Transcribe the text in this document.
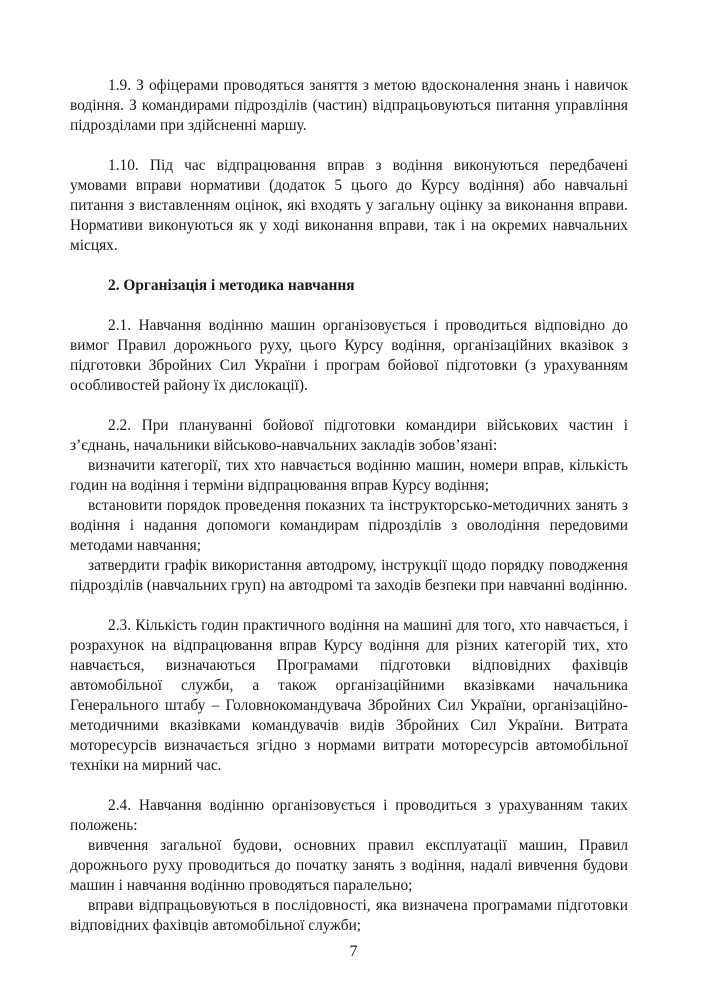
1.9. З офіцерами проводяться заняття з метою вдосконалення знань і навичок водіння. З командирами підрозділів (частин) відпрацьовуються питання управління підрозділами при здійсненні маршу.

1.10. Під час відпрацювання вправ з водіння виконуються передбачені умовами вправи нормативи (додаток 5 цього до Курсу водіння) або навчальні питання з виставленням оцінок, які входять у загальну оцінку за виконання вправи. Нормативи виконуються як у ході виконання вправи, так і на окремих навчальних місцях.

2. Організація і методика навчання

2.1. Навчання водінню машин організовується і проводиться відповідно до вимог Правил дорожнього руху, цього Курсу водіння, організаційних вказівок з підготовки Збройних Сил України і програм бойової підготовки (з урахуванням особливостей району їх дислокації).

2.2. При плануванні бойової підготовки командири військових частин і з’єднань, начальники військово-навчальних закладів зобов’язані:

визначити категорії, тих хто навчається водінню машин, номери вправ, кількість годин на водіння і терміни відпрацювання вправ Курсу водіння;

встановити порядок проведення показних та інструкторсько-методичних занять з водіння і надання допомоги командирам підрозділів з оволодіння передовими методами навчання;

затвердити графік використання автодрому, інструкції щодо порядку поводження підрозділів (навчальних груп) на автодромі та заходів безпеки при навчанні водінню.

2.3. Кількість годин практичного водіння на машині для того, хто навчається, і розрахунок на відпрацювання вправ Курсу водіння для різних категорій тих, хто навчається, визначаються Програмами підготовки відповідних фахівців автомобільної служби, а також організаційними вказівками начальника Генерального штабу – Головнокомандувача Збройних Сил України, організаційно-методичними вказівками командувачів видів Збройних Сил України. Витрата моторесурсів визначається згідно з нормами витрати моторесурсів автомобільної техніки на мирний час.

2.4. Навчання водінню організовується і проводиться з урахуванням таких положень:

вивчення загальної будови, основних правил експлуатації машин, Правил дорожнього руху проводиться до початку занять з водіння, надалі вивчення будови машин і навчання водінню проводяться паралельно;

вправи відпрацьовуються в послідовності, яка визначена програмами підготовки відповідних фахівців автомобільної служби;

7
